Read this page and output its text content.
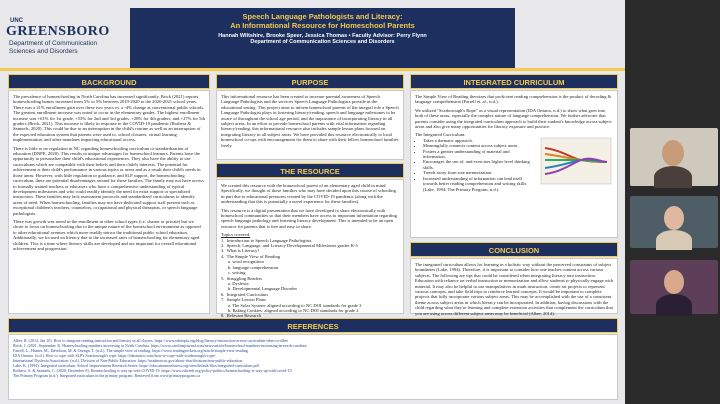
UNC
GREENSBORO
Department of Communication Sciences and Disorders
Speech Language Pathologists and Literacy:
An Informational Resource for Homeschool Parents
Hannah Wiltshire, Brooke Speer, Jessica Thomas • Faculty Advisor: Perry Flynn
Department of Communication Sciences and Disorders
BACKGROUND

The prevalence of homeschooling in North Carolina has increased significantly. Brick (2021) reports homeschooling homes increased from 5% to 5% between 2019-2020 to the 2020-2021 school years. There was a 21% enrollment gain over these two years vs. a -4% change at conventional public schools. The greatest enrollment increase was noted to occur in the elementary grades. The highest enrollment increase was +61% for 1st grade, +53% for 2nd and 3rd grades, +28% for 4th graders, and +27% for 5th graders (Brick, 2021). This increase is likely in response to the COVID-19 pandemic (Rothera & Samuels, 2020). This could be due to an interruption in the child's routine as well as an interruption of the expected education system that parents were used to, school closures, virtual learning implementation, and other mandates impacting educational access.

There is little to no regulation in NC regarding homeschooling curriculum or standardization of education (DNPE, 2020). This results in unique advantages for homeschool learners. Parents have the opportunity to personalize their child's educational experiences. They also have the ability to use curriculums which are compatible with their beliefs and their child's interests. The potential for achievement is their child's performance in various topics or areas and as a result their child's needs in those areas. However, with little regulation or guidance, and SLP support, the homeschooling curriculum, there are potential disadvantages around for these families. The family may not have access to formally trained teachers or educators who have a comprehensive understanding of typical development milestones and who could readily identify the need for extra support or specialized instruction. These families may lack assessment protocols and standardized curriculums to identify areas of need. When homeschooling, families may not have dedicated support staff present such as exceptional children's teachers, counselors, occupational and physical therapists, or speech language pathologists.

There was growth was noted in the enrollment in other school types (i.e. charter or private) but we chose to focus on homeschooling due to the unique nature of the homeschool environment as opposed to other educational avenues which more readily mirror the traditional public school education. Additionally, we focused on literacy due to the increased rates of homeschooling for elementary aged children. This is a time where literacy skills are developed and are important for overall educational achievement and progression.

PURPOSE

This informational resource has been created to increase parental awareness of Speech Language Pathologists and the services Speech Language Pathologists provide in the educational setting. This project aims to inform homeschool parents of the integral role a Speech Language Pathologist plays in fostering literacy/reading, speech and language milestones to be aware of throughout the school age period, and the importance of incorporating literacy in all subject areas. In an effort to provide homeschool parents with vital information regarding literacy/reading, this informational resource also includes sample lesson plans focused on integrating literacy in all subject areas. We have provided this resource electronically to local homeschool co-ops with encouragement for them to share with their fellow homeschool families freely.

THE RESOURCE

We created this resource with the homeschool parent of an elementary aged child in mind. Specifically, we thought of those families who may have decided upon this course of schooling in part due to educational pressures created by the COVID-19 pandemic (along with the understanding that this is potentially a novel experience for these families).

This resource is a digital presentation that we have developed to share electronically with homeschool communities so that their members have access to important information regarding speech language pathology and fostering literacy development. This is intended to be an open resource for parents that is free and easy to share.

Topics covered:
1.  Introduction to Speech Language Pathologists
2.  Speech, Language, and Literacy Developmental Milestones grades K-5
3.  What is Literacy?
4.  The Simple View of Reading
a. word recognition
b. language comprehension
c. writing
5.  Struggling Readers
a. Dyslexia
b. Developmental Language Disorder
6.  Integrated Curriculum
7.  Sample Lesson Plans
a. The Solar System: aligned according to NC DOI standards for grade 3
b. Baking Cookies: aligned according to NC DOI standards for grade 2
8.  Relevant Research
INTEGRATED CURRICULUM

The Simple View of Reading theorizes that proficient reading comprehension is the product of decoding & language comprehension (Farrell et. al., n.d.).

We utilized "Scarborough's Rope" as a visual representation (IDA Ontario, n.d.) to show what goes into both of these areas, especially the complex nature of language comprehension. We further advocate that parents consider using the integrated curriculum approach to build their student's knowledge across subject areas and also give many opportunities for literacy exposure and practice.

The Integrated Curriculum:
• Takes a thematic approach.
• Meaningfully connects content across subject areas.
• Fosters a greater understanding of material and information.
• Encourages the use of, and exercises higher level thinking skills.
• Trends away from rote memorization.
• Increased understanding of information can lead itself towards better reading comprehension and writing skills (Lake, 1994; The Primary Program, n.d.).
CONCLUSION

The integrated curriculum allows for learning in a holistic way without the perceived constraints of subject boundaries (Lake, 1994). Therefore, it is important to consider how one teaches content across various subjects. The following are tips that could be considered when integrating literacy into instruction. Education with reliance on verbal instruction or memorization and allow students to physically engage with material. It may also be helpful to use manipulatives in math instruction, create art projects to represent various concepts, and take field trips to reinforce learned concepts. It would be important to complete projects that fully incorporate various subject areas. This may be accomplished with the use of a consistent theme across subject areas in which literacy can be incorporated. In addition, having discussions with the child regarding what they're learning and complete extension activities that complement the curriculum that you are using across different subject areas may be beneficial (Alber, 2014).

REFERENCES
Alber, R. (2014, Jan 10). How to integrate reading instruction and literacy in all classes. https://www.edutopia.org/blog/literacy-instruction-across-curriculum-rebecca-alber
Brick, J. (2021, September 3). Homeschooling numbers increasing in North Carolina. https://www.carolinajournal.com/news-article/homeschool-numbers-increasing-in-north-carolina/
Farrell, L., Hunter, M., Davidson, M. & Osenga, T. (n.d.). The simple view of reading. https://www.readingrockets.org/article/simple-view-reading
IDA Ontario. (n.d.). How to cope with SLP's Scarborough's rope. https://idaontario.com/how-to-cope-with-scarboroughs-rope/
International Dyslexia Association. (n.d.). Division of Non-Public Education. https://ncadmin.nc.gov/about-doa/divisions/non-public-education
Lake, K. (1994). Integrated curriculum. School Improvement Research Series. https://educationnorthwest.org/sites/default/files/integrated-curriculum.pdf
Rothera, A. & Samuels, C. (2020, December 8). Homeschooling is way up with COVID-19. https://www.edweek.org/policy-politics/homeschooling-is-way-up-with-covid-19
The Primary Program (n.d.). Integrated curriculum in the primary program. Retrieved from www.primaryprogram.ca
